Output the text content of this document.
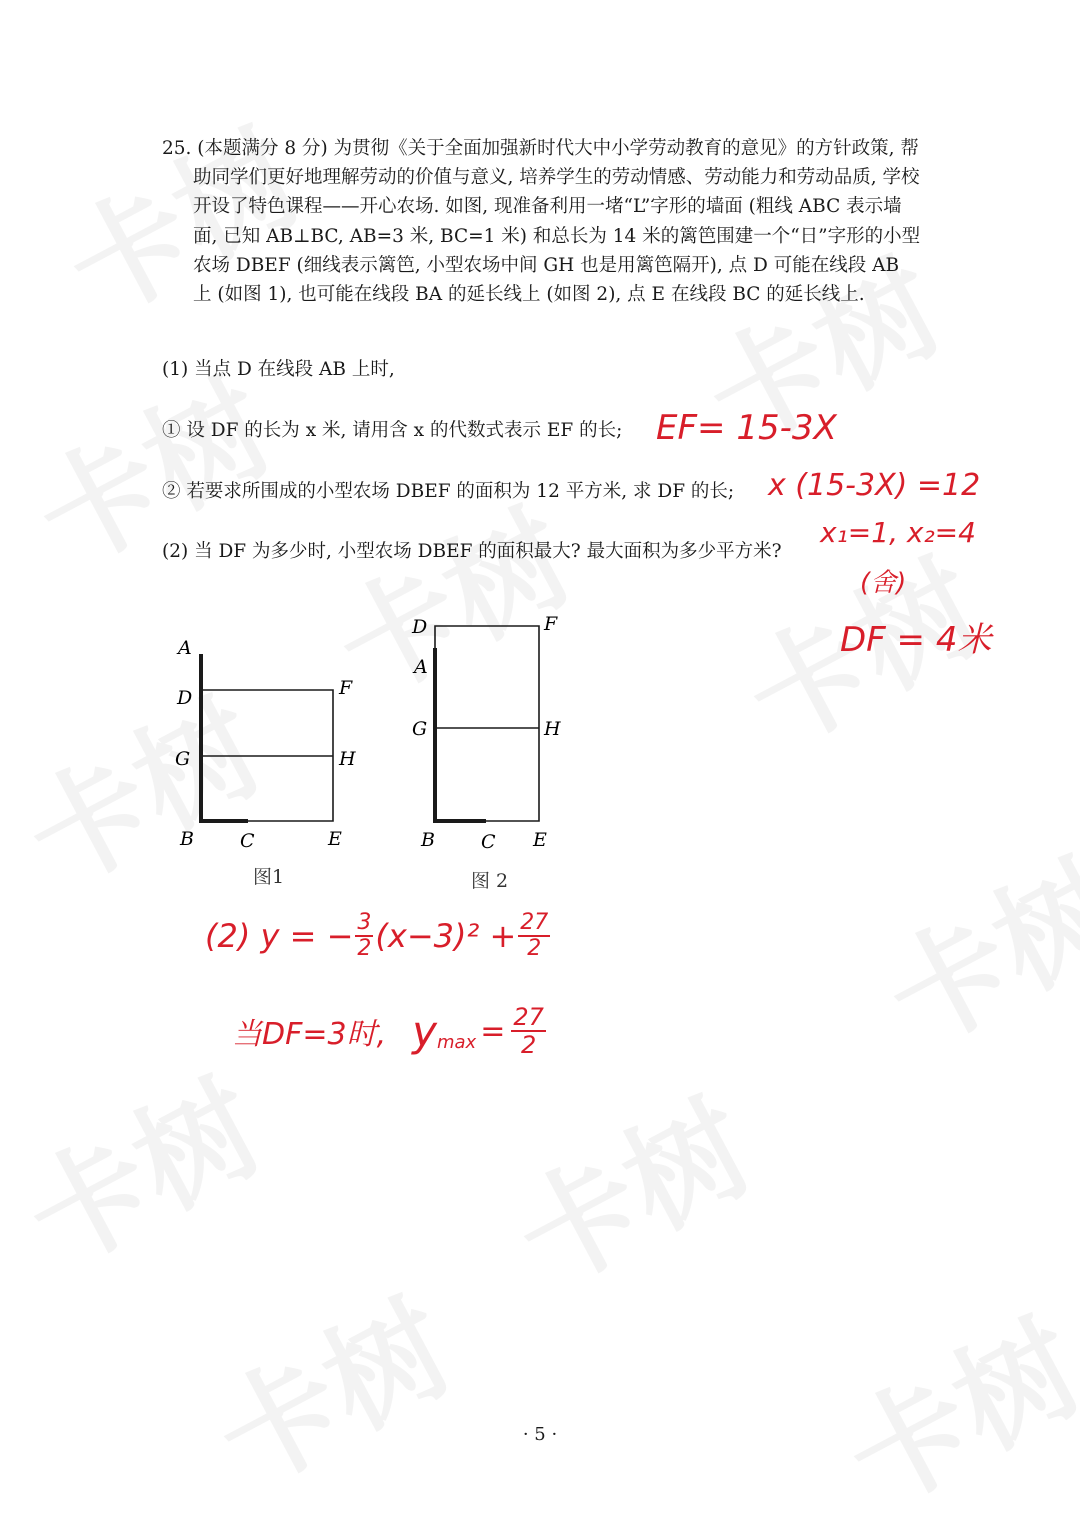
25. (本题满分 8 分) 为贯彻《关于全面加强新时代大中小学劳动教育的意见》的方针政策, 帮助同学们更好地理解劳动的价值与意义, 培养学生的劳动情感、劳动能力和劳动品质, 学校开设了特色课程——开心农场. 如图, 现准备利用一堵“L”字形的墙面 (粗线 ABC 表示墙面, 已知 AB⊥BC, AB=3 米, BC=1 米) 和总长为 14 米的篱笆围建一个“日”字形的小型农场 DBEF (细线表示篱笆, 小型农场中间 GH 也是用篱笆隔开), 点 D 可能在线段 AB 上 (如图 1), 也可能在线段 BA 的延长线上 (如图 2), 点 E 在线段 BC 的延长线上.

(1) 当点 D 在线段 AB 上时,
① 设 DF 的长为 x 米, 请用含 x 的代数式表示 EF 的长;
② 若要求所围成的小型农场 DBEF 的面积为 12 平方米, 求 DF 的长;
(2) 当 DF 为多少时, 小型农场 DBEF 的面积最大? 最大面积为多少平方米?
EF= 15-3X
x (15-3X) =12
x₁=1, x₂=4
(舍)
DF = 4米
(2) y = − $\frac{3}{2} (x-3)^2 + \frac{27}{2}$
当DF=3时, y $\max = \frac{27}{2}$
A
D	F
G	H
B C	E
图1
D	F
A
G	H
B C E
图 2
· 5 ·
